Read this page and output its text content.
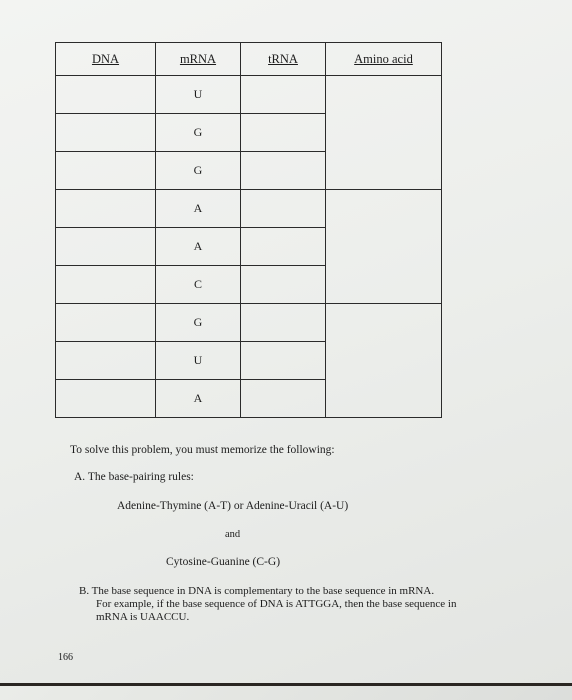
DNA	mRNA	tRNA	Amino acid
	U		
	G		
	G		
	A		
	A		
	C		
	G		
	U		
	A		
To solve this problem, you must memorize the following:
A. The base-pairing rules:
Adenine-Thymine (A-T) or Adenine-Uracil (A-U)
and
Cytosine-Guanine (C-G)
B. The base sequence in DNA is complementary to the base sequence in mRNA.
For example, if the base sequence of DNA is ATTGGA, then the base sequence in
mRNA is UAACCU.
166
